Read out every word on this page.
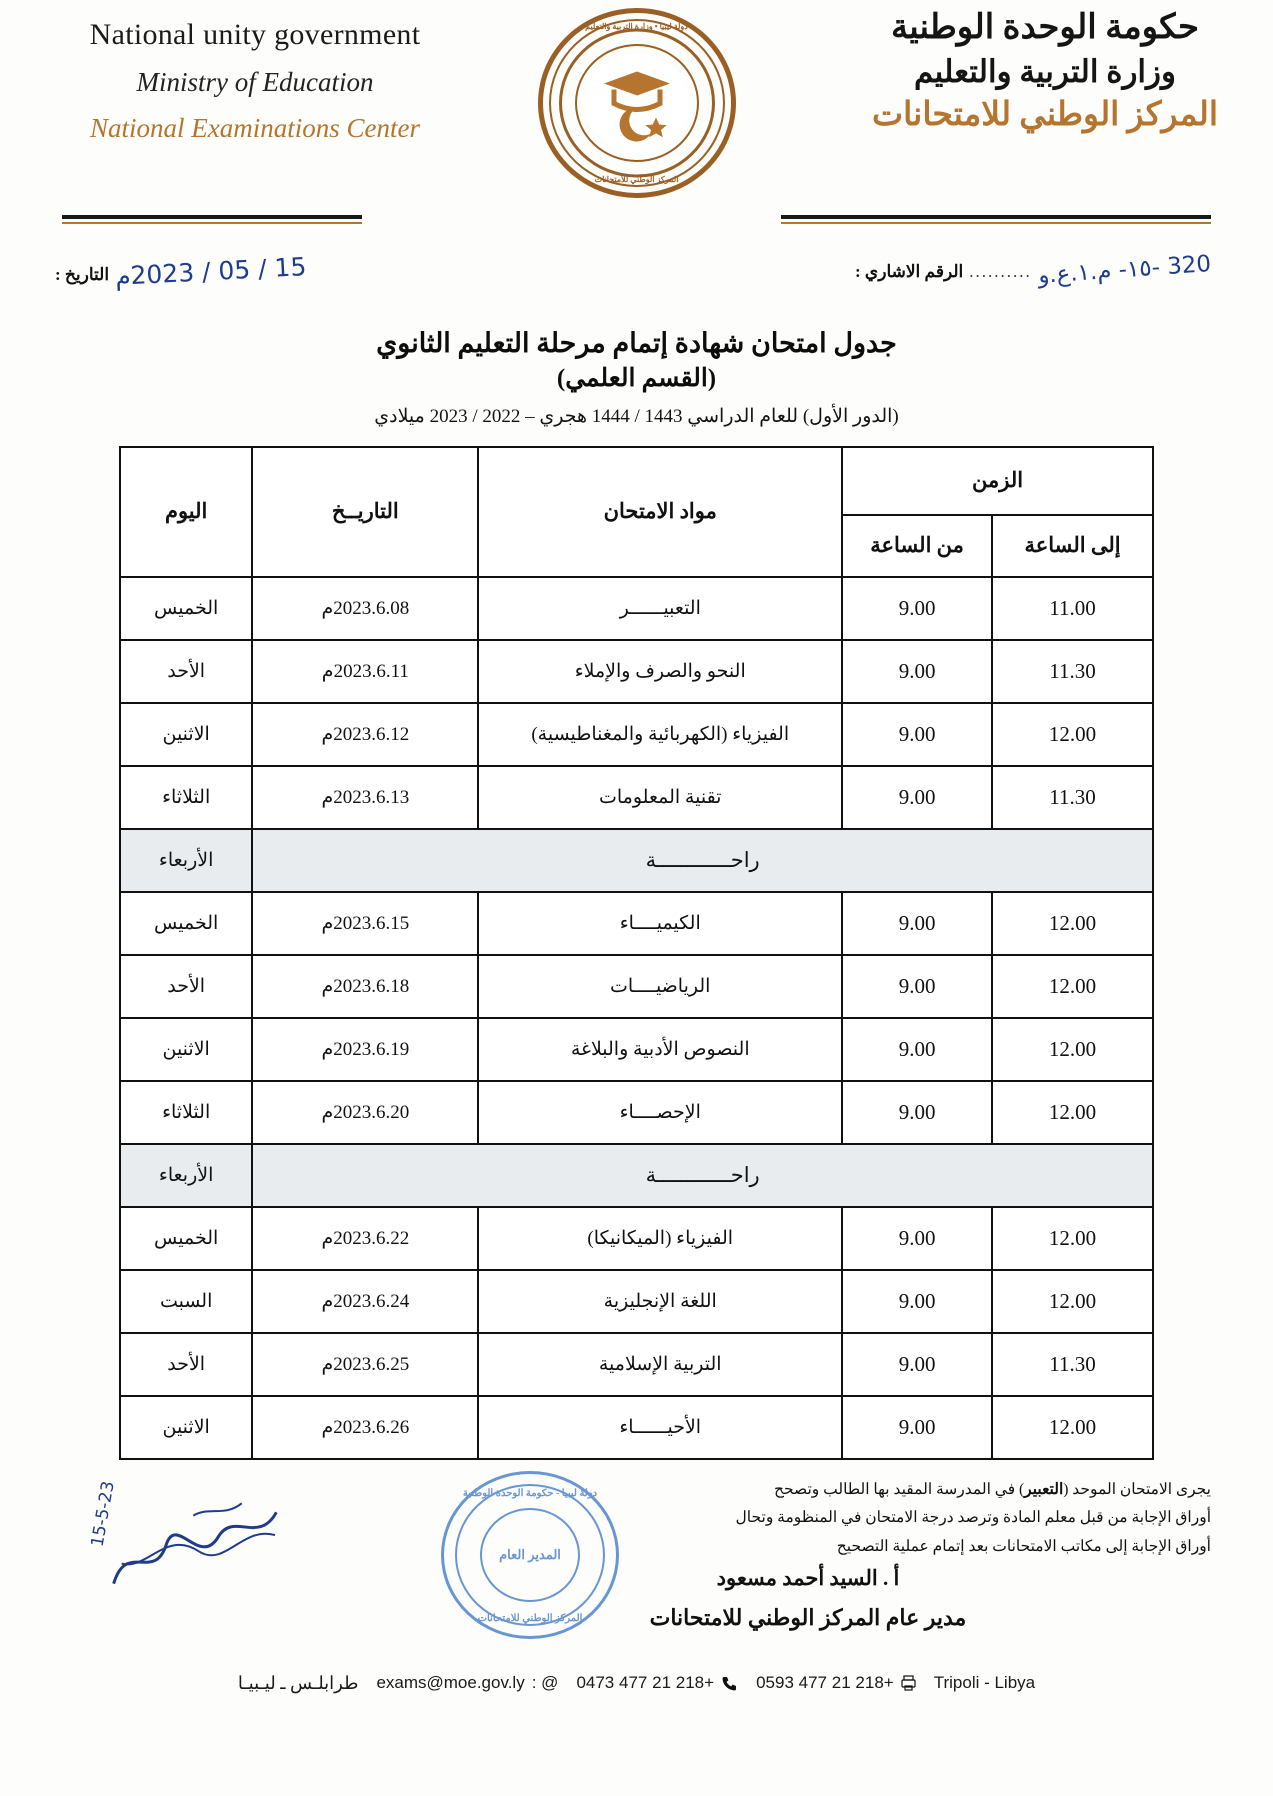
National unity government
Ministry of Education
National Examinations Center
دولة ليبيا • وزارة التربية والتعليم
المركز الوطني للامتحانات
حكومة الوحدة الوطنية
وزارة التربية والتعليم
المركز الوطني للامتحانات
320 -١٥- م.١.ع.و
..........
الرقم الاشاري :
15 / 05 / 2023م
التاريخ :
جدول امتحان شهادة إتمام مرحلة التعليم الثانوي
(القسم العلمي)
(الدور الأول) للعام الدراسي 1443 / 1444 هجري – 2022 / 2023 ميلادي
الزمن		مواد الامتحان	التاريــخ	اليوم
إلى الساعة	من الساعة			
11.00	9.00	التعبيــــــر	2023.6.08م	الخميس
11.30	9.00	النحو والصرف والإملاء	2023.6.11م	الأحد
12.00	9.00	الفيزياء (الكهربائية والمغناطيسية)	2023.6.12م	الاثنين
11.30	9.00	تقنية المعلومات	2023.6.13م	الثلاثاء
راحــــــــــــة				الأربعاء
12.00	9.00	الكيميــــاء	2023.6.15م	الخميس
12.00	9.00	الرياضيــــات	2023.6.18م	الأحد
12.00	9.00	النصوص الأدبية والبلاغة	2023.6.19م	الاثنين
12.00	9.00	الإحصــــاء	2023.6.20م	الثلاثاء
راحــــــــــــة				الأربعاء
12.00	9.00	الفيزياء (الميكانيكا)	2023.6.22م	الخميس
12.00	9.00	اللغة الإنجليزية	2023.6.24م	السبت
11.30	9.00	التربية الإسلامية	2023.6.25م	الأحد
12.00	9.00	الأحيــــــاء	2023.6.26م	الاثنين
يجرى الامتحان الموحد (التعبير) في المدرسة المقيد بها الطالب وتصحح
أوراق الإجابة من قبل معلم المادة وترصد درجة الامتحان في المنظومة وتحال
أوراق الإجابة إلى مكاتب الامتحانات بعد إتمام عملية التصحيح
15-5-23	دولة ليبيا - حكومة الوحدة الوطنية
المدير العام
المركز الوطني للامتحانات
أ . السيد أحمد مسعود
مدير عام المركز الوطني للامتحانات
Tripoli - Libya
+218 21 477 0593
+218 21 477 0473
@ :
exams@moe.gov.ly
طرابلـس ـ ليـبيـا
